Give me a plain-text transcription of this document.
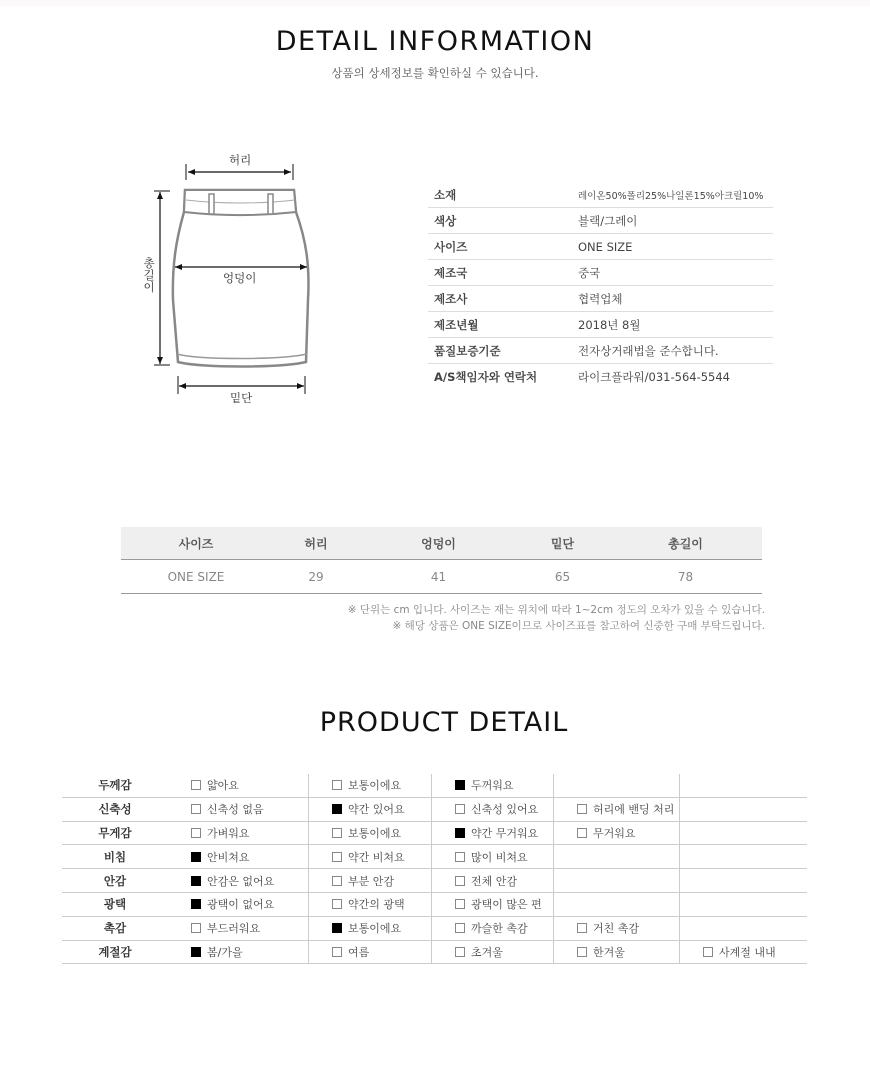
DETAIL INFORMATION
상품의 상세정보를 확인하실 수 있습니다.
허리
엉덩이
밑단
총
길
이
소재	레이온50%폴리25%나일론15%아크릴10%
색상	블랙/그레이
사이즈	ONE SIZE
제조국	중국
제조사	협력업체
제조년월	2018년 8월
품질보증기준	전자상거래법을 준수합니다.
A/S책임자와 연락처	라이크플라워/031-564-5544
사이즈	허리	엉덩이	밑단	총길이
ONE SIZE	29	41	65	78
※ 단위는 cm 입니다. 사이즈는 재는 위치에 따라 1~2cm 정도의 오차가 있을 수 있습니다.
※ 해당 상품은 ONE SIZE이므로 사이즈표를 참고하여 신중한 구매 부탁드립니다.
PRODUCT DETAIL
두께감	얇아요	보통이에요	두꺼워요
신축성	신축성 없음	약간 있어요	신축성 있어요	허리에 밴딩 처리
무게감	가벼워요	보통이에요	약간 무거워요	무거워요
비침	안비쳐요	약간 비쳐요	많이 비쳐요
안감	안감은 없어요	부분 안감	전체 안감
광택	광택이 없어요	약간의 광택	광택이 많은 편
촉감	부드러워요	보통이에요	까슬한 촉감	거친 촉감
계절감	봄/가을	여름	초겨울	한겨울	사계절 내내
